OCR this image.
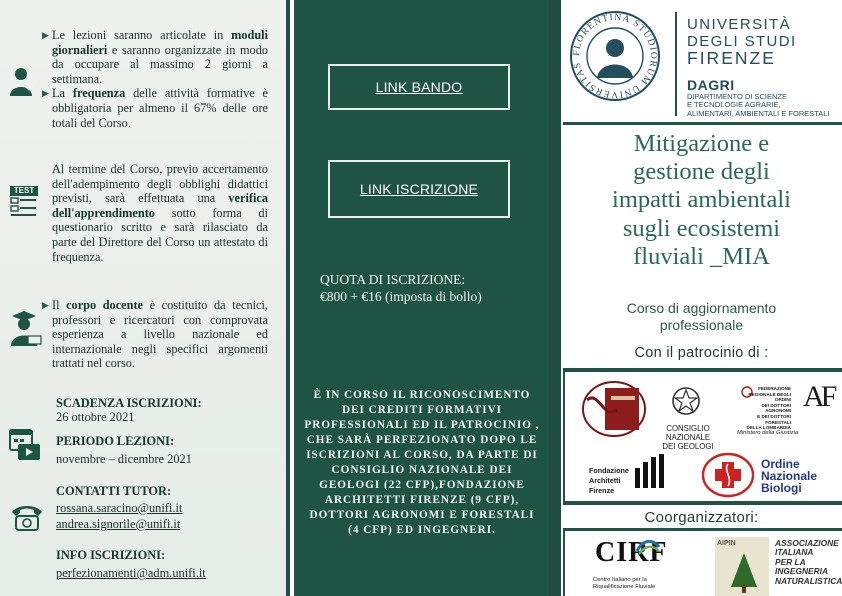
▶ Le lezioni saranno articolate in moduli giornalieri e saranno organizzate in modo da occupare al massimo 2 giorni a settimana.

▶ La frequenza delle attività formative è obbligatoria per almeno il 67% delle ore totali del Corso.

TEST

Al termine del Corso, previo accertamento dell'adempimento degli obblighi didattici previsti, sarà effettuata una verifica dell'apprendimento sotto forma di questionario scritto e sarà rilasciato da parte del Direttore del Corso un attestato di frequenza.

▶ Il corpo docente è costituito da tecnici, professori e ricercatori con comprovata esperienza a livello nazionale ed internazionale negli specifici argomenti trattati nel corso.

SCADENZA ISCRIZIONI:
26 ottobre 2021
PERIODO LEZIONI:
novembre – dicembre 2021
CONTATTI TUTOR:
rossana.saracino@unifi.it
andrea.signorile@unifi.it
INFO ISCRIZIONI:
perfezionamenti@adm.unifi.it
LINK BANDO
LINK ISCRIZIONE
QUOTA DI ISCRIZIONE:
€800 + €16 (imposta di bollo)
È IN CORSO IL RICONOSCIMENTO DEI CREDITI FORMATIVI PROFESSIONALI ED IL PATROCINIO , CHE SARÀ PERFEZIONATO DOPO LE ISCRIZIONI AL CORSO, DA PARTE DI CONSIGLIO NAZIONALE DEI GEOLOGI (22 CFP),FONDAZIONE ARCHITETTI FIRENZE (9 CFP), DOTTORI AGRONOMI E FORESTALI (4 CFP) ED INGEGNERI.
FLORENTINA STUDIORUM UNIVERSITAS
UNIVERSITÀ
DEGLI STUDI
FIRENZE
DAGRI
DIPARTIMENTO DI SCIENZE
E TECNOLOGIE AGRARIE,
ALIMENTARI, AMBIENTALI E FORESTALI
Mitigazione e
gestione degli
impatti ambientali
sugli ecosistemi
fluviali _MIA
Corso di aggiornamento
professionale
Con il patrocinio di :
CONSIGLIO NAZIONALE
DEI GEOLOGI
FEDERAZIONE
REGIONALE DEGLI ORDINI
DEI DOTTORI AGRONOMI
E DEI DOTTORI FORESTALI
DELLA LOMBARDIA
AF
Ministero della Giustizia
Fondazione
Architetti
Firenze
Ordine
Nazionale
Biologi
Coorganizzatori:
CIRF
Centro Italiano per la
Riqualificazione Fluviale
AIPIN	ASSOCIAZIONE
ITALIANA
PER LA
INGEGNERIA
NATURALISTICA
